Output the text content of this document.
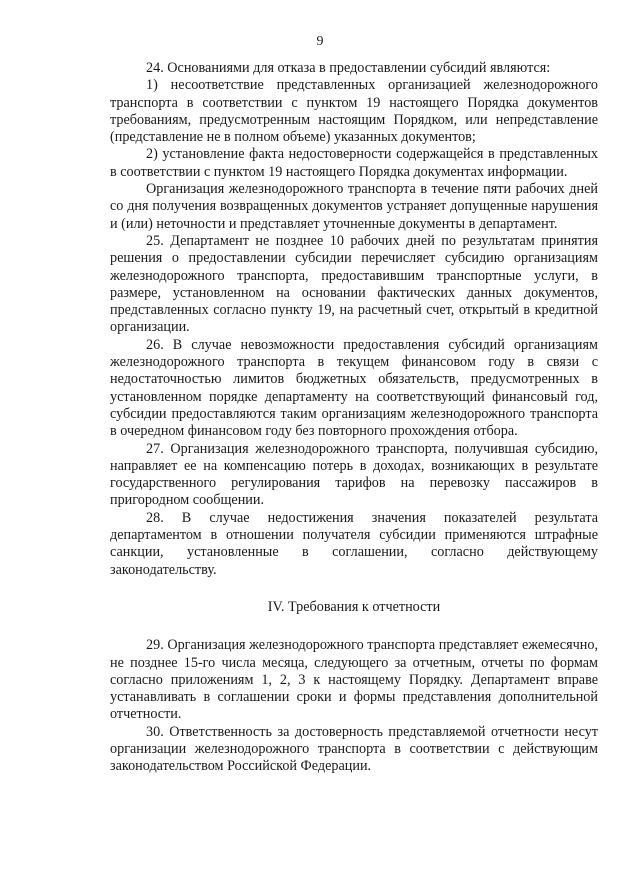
9

24. Основаниями для отказа в предоставлении субсидий являются:

1) несоответствие представленных организацией железнодорожного транспорта в соответствии с пунктом 19 настоящего Порядка документов требованиям, предусмотренным настоящим Порядком, или непредставление (представление не в полном объеме) указанных документов;

2) установление факта недостоверности содержащейся в представленных в соответствии с пунктом 19 настоящего Порядка документах информации.

Организация железнодорожного транспорта в течение пяти рабочих дней со дня получения возвращенных документов устраняет допущенные нарушения и (или) неточности и представляет уточненные документы в департамент.

25. Департамент не позднее 10 рабочих дней по результатам принятия решения о предоставлении субсидии перечисляет субсидию организациям железнодорожного транспорта, предоставившим транспортные услуги, в размере, установленном на основании фактических данных документов, представленных согласно пункту 19, на расчетный счет, открытый в кредитной организации.

26. В случае невозможности предоставления субсидий организациям железнодорожного транспорта в текущем финансовом году в связи с недостаточностью лимитов бюджетных обязательств, предусмотренных в установленном порядке департаменту на соответствующий финансовый год, субсидии предоставляются таким организациям железнодорожного транспорта в очередном финансовом году без повторного прохождения отбора.

27. Организация железнодорожного транспорта, получившая субсидию, направляет ее на компенсацию потерь в доходах, возникающих в результате государственного регулирования тарифов на перевозку пассажиров в пригородном сообщении.

28. В случае недостижения значения показателей результата департаментом в отношении получателя субсидии применяются штрафные санкции, установленные в соглашении, согласно действующему законодательству.

IV. Требования к отчетности

29. Организация железнодорожного транспорта представляет ежемесячно, не позднее 15-го числа месяца, следующего за отчетным, отчеты по формам согласно приложениям 1, 2, 3 к настоящему Порядку. Департамент вправе устанавливать в соглашении сроки и формы представления дополнительной отчетности.

30. Ответственность за достоверность представляемой отчетности несут организации железнодорожного транспорта в соответствии с действующим законодательством Российской Федерации.
